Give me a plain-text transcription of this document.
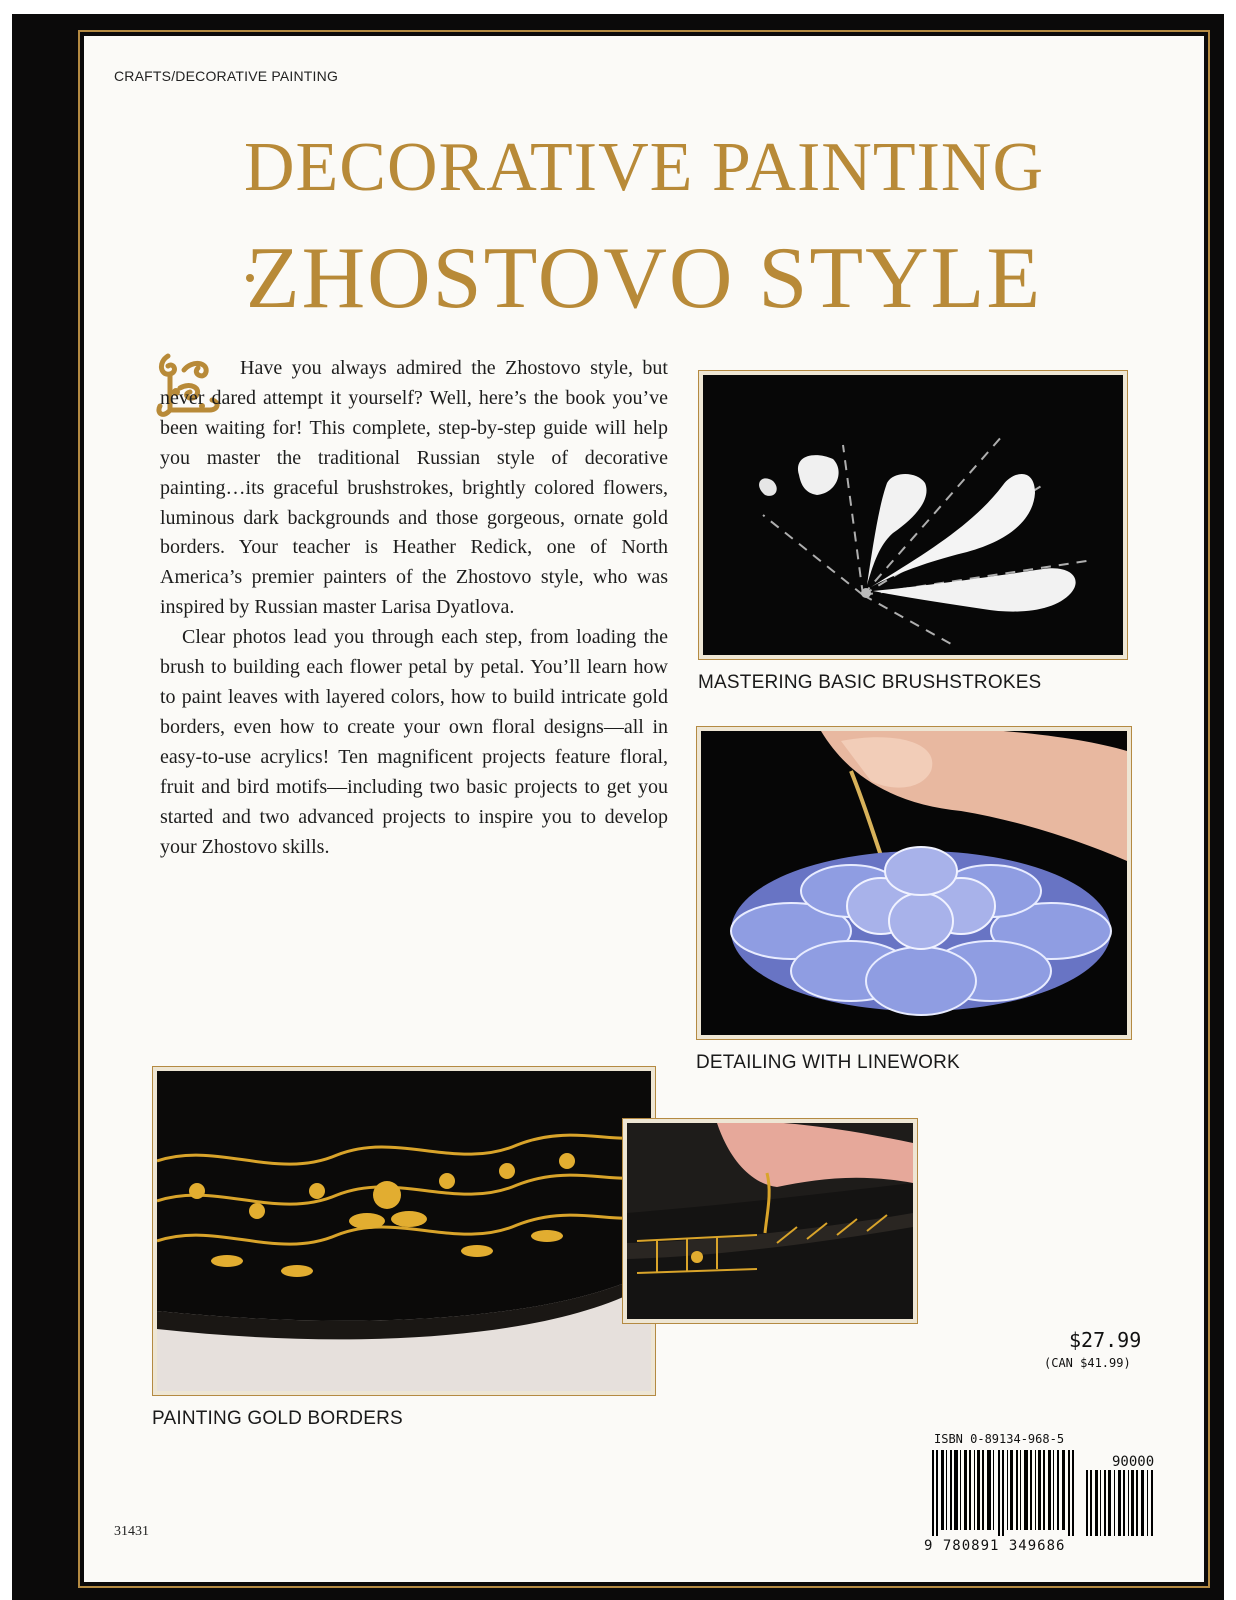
CRAFTS/DECORATIVE PAINTING
DECORATIVE PAINTING
ZHOSTOVO STYLE

Have you always admired the Zhostovo style, but never dared attempt it yourself? Well, here’s the book you’ve been waiting for! This complete, step-by-step guide will help you master the traditional Russian style of decorative painting…its graceful brushstrokes, brightly colored flowers, luminous dark backgrounds and those gorgeous, ornate gold borders. Your teacher is Heather Redick, one of North America’s premier painters of the Zhostovo style, who was inspired by Russian master Larisa Dyatlova.

Clear photos lead you through each step, from loading the brush to building each flower petal by petal. You’ll learn how to paint leaves with layered colors, how to build intricate gold borders, even how to create your own floral designs—all in easy-to-use acrylics! Ten magnificent projects feature floral, fruit and bird motifs—including two basic projects to get you started and two advanced projects to inspire you to develop your Zhostovo skills.

MASTERING BASIC BRUSHSTROKES
DETAILING WITH LINEWORK
PAINTING GOLD BORDERS
$27.99
(CAN $41.99)
ISBN 0-89134-968-5
90000
9 780891 349686
31431
